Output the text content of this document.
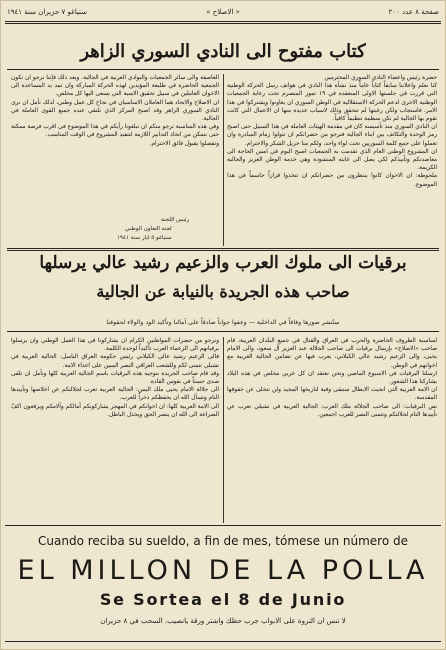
صفحة ٨ عدد ٢٠٠
« الاصلاح »
ستياغو ٧ حزيران سنة ١٩٤١
كتاب مفتوح الى النادي السوري الزاهر

حضرة رئيس واعضاء النادي السوري المحترمين

كنا نعلم واعلاننا سابقاً كتاباً عاماً منذ نشأة هذا النادي في هواتف رسل الحركة الوطنية التي قررت في جلستها الاولى المنعقدة في ١٩ تموز المنصرم تحت رعاية الجمعيات الوطنية الاخرى لدعم الحركة الاستقلالية في الوطن السوري ان يعاونوا ويشتركوا في هذا الامر. فاستجاب ولكن رغبتها لم تتحقق وذلك لاسباب عديدة منها ان الاعمال التي كانت تقوم بها الجالية لم تكن منظمة تنظيماً كافياً.

ان النادي السوري منذ تأسيسه كان في مقدمة الهيئات العاملة في هذا السبيل حتى اصبح رمز الوحدة والتكاتف بين ابناء الجالية فنرجو من حضراتكم ان تتولوا زمام المبادرة وان تعملوا على جمع كلمة السوريين تحت لواء واحد، ولكم منا جزيل الشكر والاحترام.

ان المشروع الوطني العام الذي تقدمت به الجمعيات اصبح اليوم في امس الحاجة الى معاضدتكم وتأييدكم لكي يصل الى غايته المنشودة وهي خدمة الوطن العزيز والجالية الكريمة.

ملحوظة: ان الاخوان كانوا ينتظرون من حضراتكم ان تتخذوا قراراً حاسماً في هذا الموضوع.

العاصفة والى سائر الجمعيات والنوادي العربية في الجالية. ويعد ذلك فإننا نرجو ان تكون الجمعية الحاضرة في طليعة المؤيدين لهذه الحركة المباركة وان تمد يد المساعدة الى الاخوان العاملين في سبيل تحقيق الامنية التي يسعى اليها كل مخلص.

ان الاصلاح والاتحاد هما العاملان الاساسيان في نجاح كل عمل وطني، لذلك نأمل ان نرى النادي السوري الزاهر وقد اصبح المركز الذي تلتقي عنده جميع القوى العاملة في الجالية.

وفي هذه المناسبة نرجو منكم ان تبلغونا رأيكم في هذا الموضوع في اقرب فرصة ممكنة حتى نتمكن من اتخاذ التدابير اللازمة لتنفيذ المشروع في الوقت المناسب.

وتفضلوا بقبول فائق الاحترام.

رئيس اللجنة
لجنة التعاون الوطني
ستياغو ٥ ايار سنة ١٩٤١
برقيات الى ملوك العرب والزعيم رشيد عالي يرسلها
صاحب هذه الجريدة بالنيابة عن الجالية
ستُنشر صورها وفاقاً في الداخلية — وعفوا جواباً صادقاً على آمالنا وتأكيد الود والولاء لحقوقنا

لمناسبة الظروف الحاضرة والحرب في العراق والقتال في جميع البلدان العربية، قام صاحب «الاصلاح» بإرسال برقيات الى صاحب الجلالة عبد العزيز آل سعود، والى الامام يحيى، والى الزعيم رشيد عالي الكيلاني، يعرب فيها عن تضامن الجالية العربية مع اخوانهم في الوطن.

ارسلنا البرقيات في الاسبوع الماضي ونحن نعتقد ان كل عربي مخلص في هذه البلاد يشاركنا هذا الشعور.

ان الامة العربية التي انجبت الابطال ستبقى وفية لتاريخها المجيد ولن تتخلى عن حقوقها المقدسة.

نص البرقيات: الى صاحب الجلالة ملك العرب: الجالية العربية في تشيلي تعرب عن تأييدها التام لجلالتكم وتتمنى النصر للعرب اجمعين.

ونرجو من حضرات المواطنين الكرام ان يشاركونا في هذا العمل الوطني وان يرسلوا برقياتهم الى الزعماء العرب تأكيداً لوحدة الكلمة.

فالى الزعيم رشيد عالي الكيلاني رئيس حكومة العراق الباسل: الجالية العربية في تشيلي تتمنى لكم وللشعب العراقي النصر المبين على اعداء الامة.

وقد قام صاحب الجريدة بتوجيه هذه البرقيات باسم الجالية العربية كلها ونأمل ان تلقى صدى حسناً في نفوس القادة.

الى جلالة الامام يحيى ملك اليمن: الجالية العربية تعرب لجلالتكم عن اخلاصها وتأييدها التام وتسأل الله ان يحفظكم ذخراً للعرب.

الى الامة العربية كلها: ان اخوانكم في المهجر يشاركونكم آمالكم وآلامكم ويرفعون اكفّ الضراعة الى الله ان ينصر الحق ويخذل الباطل.

Cuando reciba su sueldo, a fin de mes, tómese un número de
EL MILLON DE LA POLLA
Se Sortea el 8 de Junio
لا تنس ان التروة على الابواب جرب حظك واشتر ورقة يانصيب. السحب في ٨ حزيران
